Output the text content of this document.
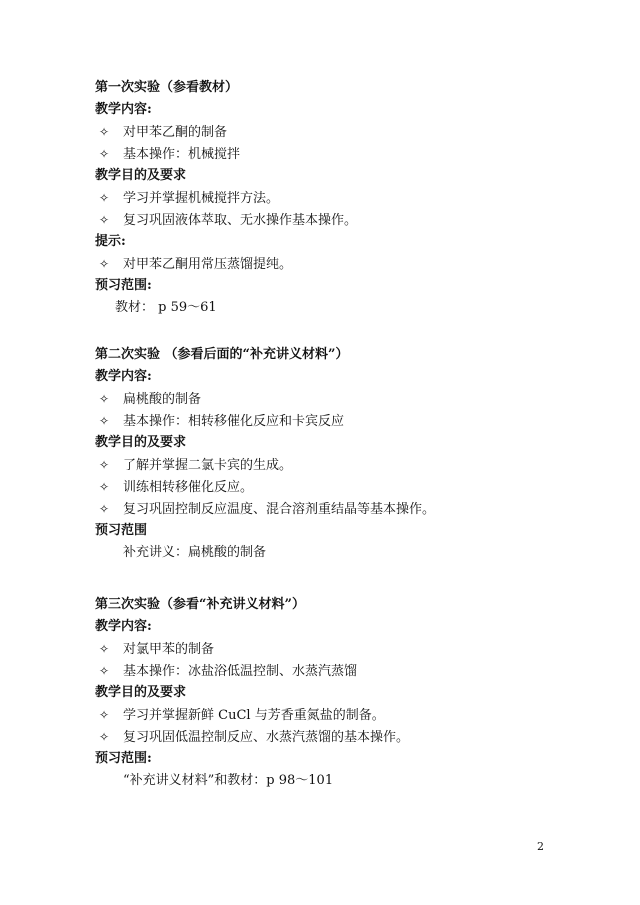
第一次实验（参看教材）
教学内容:
✧ 对甲苯乙酮的制备
✧ 基本操作：机械搅拌
教学目的及要求
✧ 学习并掌握机械搅拌方法。
✧ 复习巩固液体萃取、无水操作基本操作。
提示:
✧ 对甲苯乙酮用常压蒸馏提纯。
预习范围:
教材： p 59～61
第二次实验 （参看后面的“补充讲义材料”）
教学内容:
✧ 扁桃酸的制备
✧ 基本操作：相转移催化反应和卡宾反应
教学目的及要求
✧ 了解并掌握二氯卡宾的生成。
✧ 训练相转移催化反应。
✧ 复习巩固控制反应温度、混合溶剂重结晶等基本操作。
预习范围
补充讲义：扁桃酸的制备
第三次实验（参看“补充讲义材料”）
教学内容:
✧ 对氯甲苯的制备
✧ 基本操作：冰盐浴低温控制、水蒸汽蒸馏
教学目的及要求
✧ 学习并掌握新鲜 CuCl 与芳香重氮盐的制备。
✧ 复习巩固低温控制反应、水蒸汽蒸馏的基本操作。
预习范围:
“补充讲义材料”和教材：p 98～101
2
